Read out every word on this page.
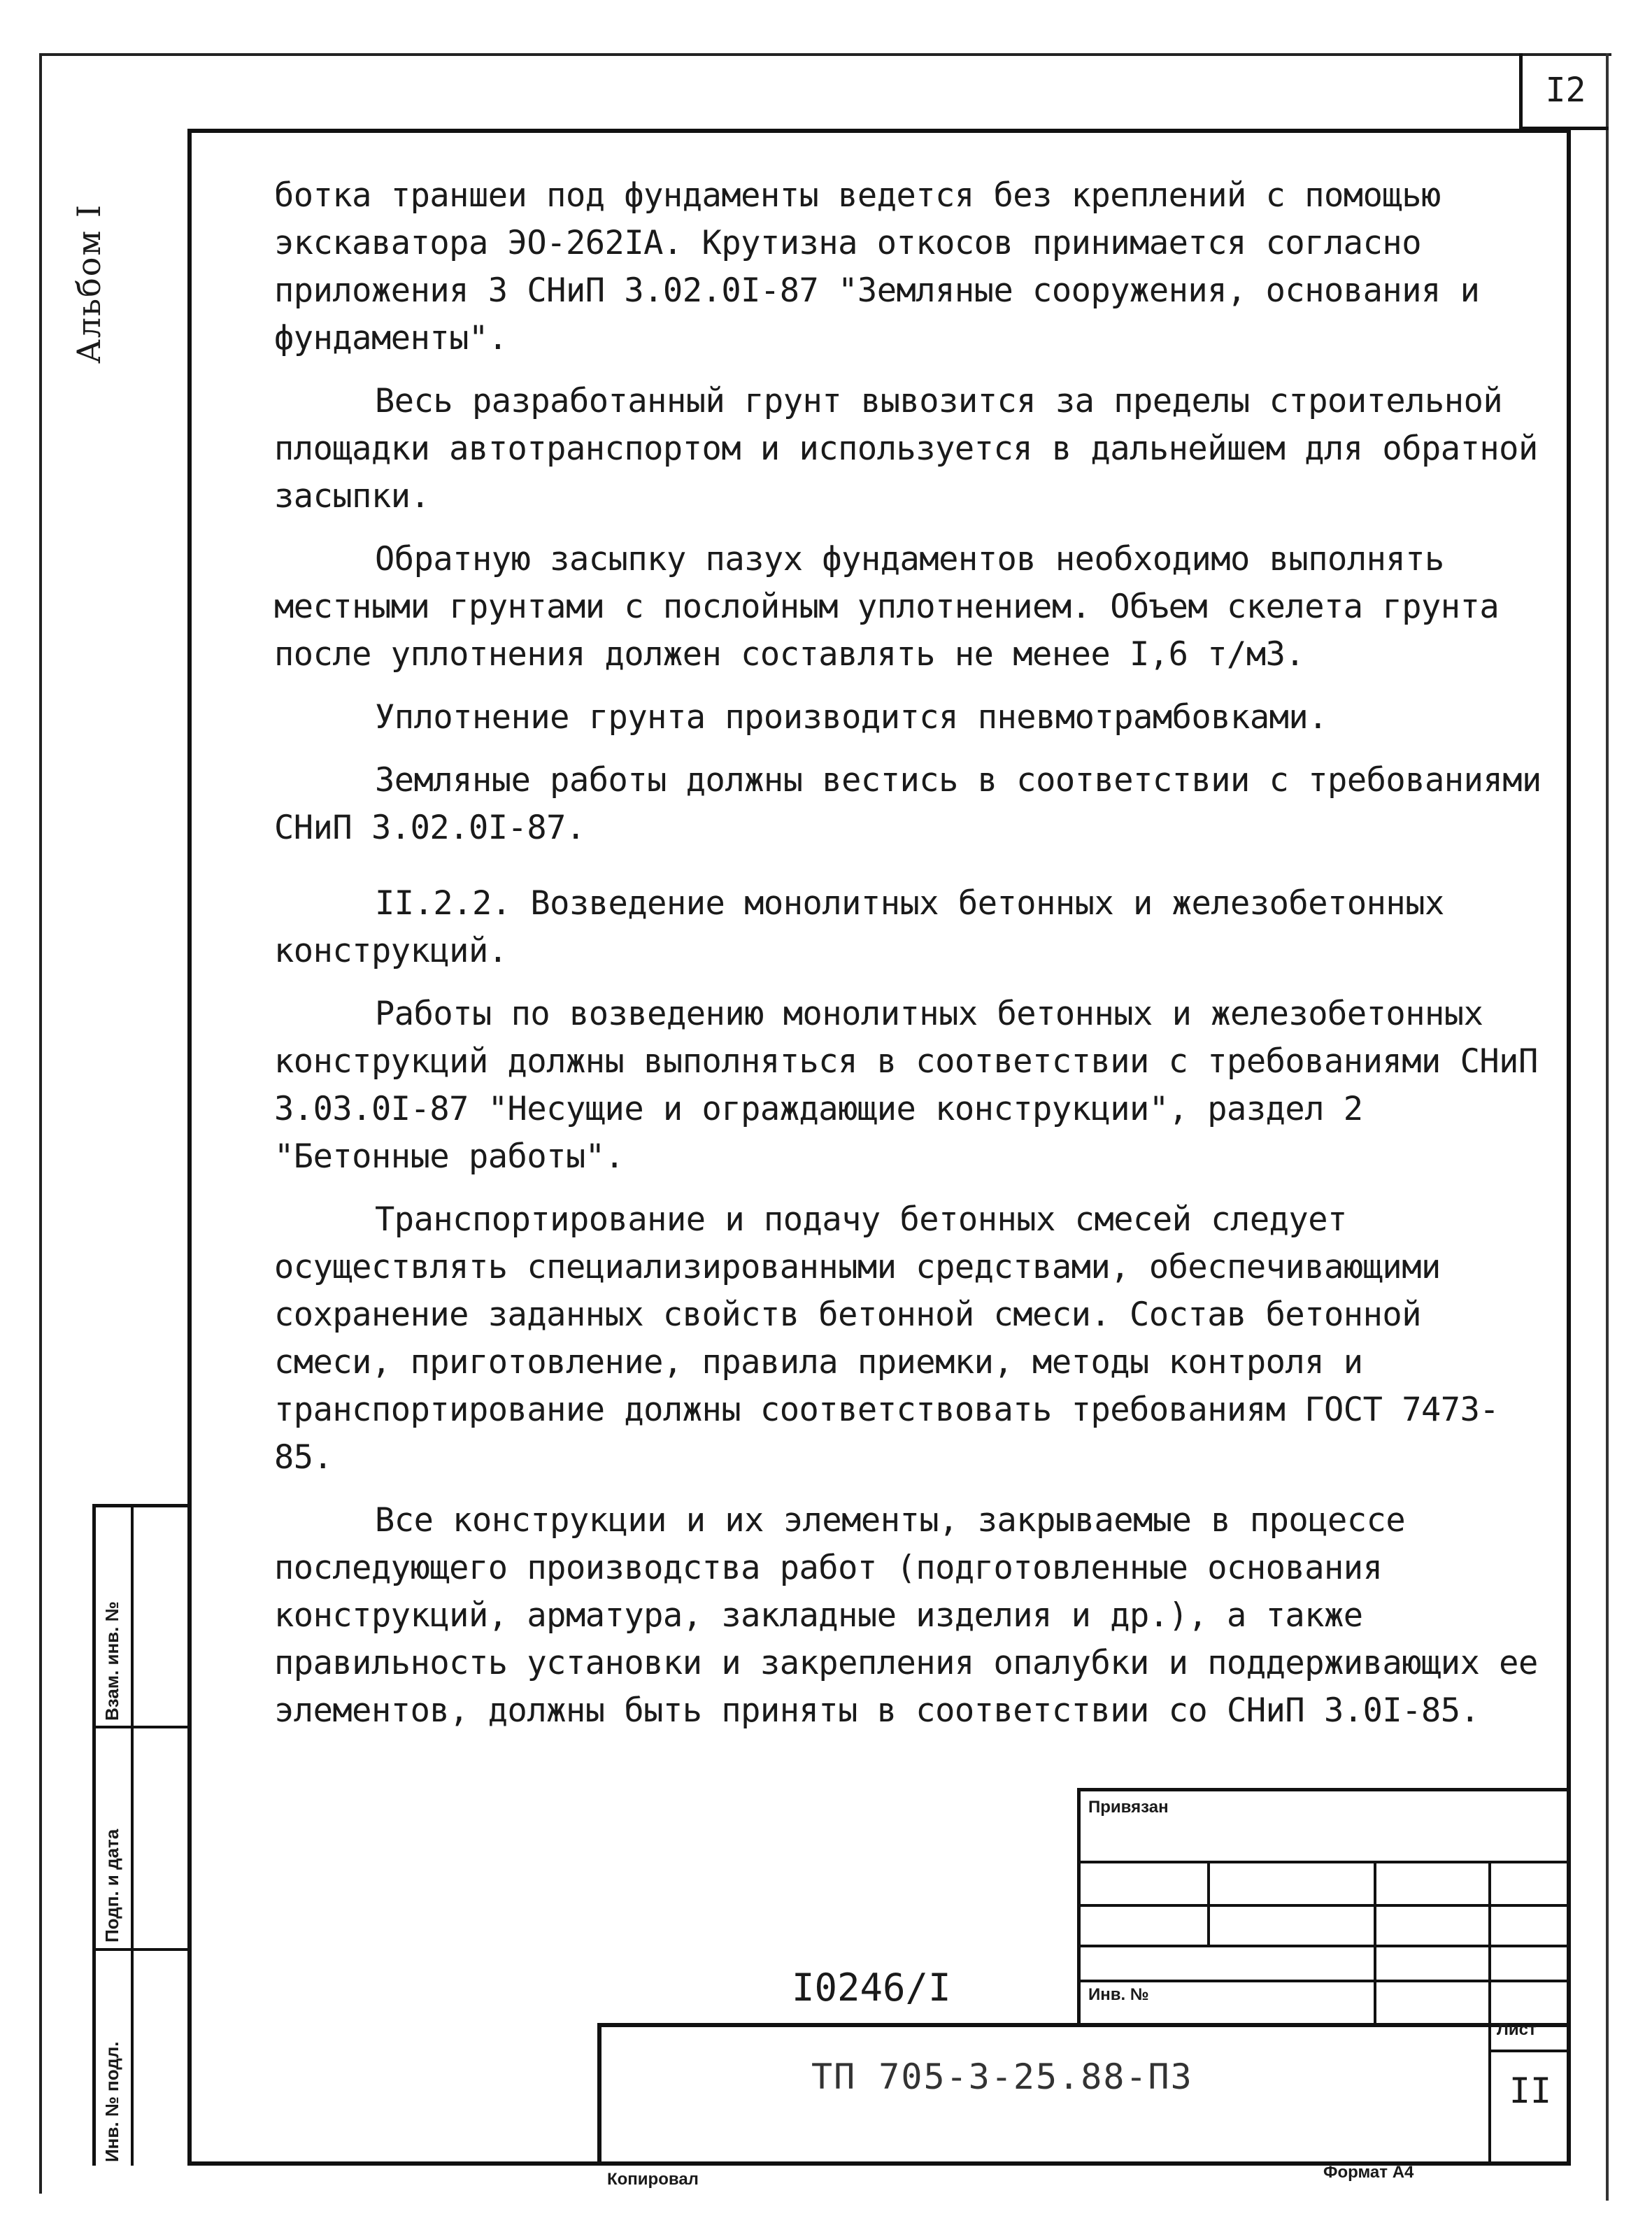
I2
Альбом I

ботка траншеи под фундаменты ведется без креплений с помощью экскаватора ЭО-262IА. Крутизна откосов принимается согласно приложения 3 СНиП 3.02.0I-87 "Земляные сооружения, основания и фундаменты".

Весь разработанный грунт вывозится за пределы строительной площадки автотранспортом и используется в дальнейшем для обратной засыпки.

Обратную засыпку пазух фундаментов необходимо выполнять местными грунтами с послойным уплотнением. Объем скелета грунта после уплотнения должен составлять не менее I,6 т/м3.

Уплотнение грунта производится пневмотрамбовками.

Земляные работы должны вестись в соответствии с требованиями СНиП 3.02.0I-87.

II.2.2. Возведение монолитных бетонных и железобетонных конструкций.

Работы по возведению монолитных бетонных и железобетонных конструкций должны выполняться в соответствии с требованиями СНиП 3.03.0I-87 "Несущие и ограждающие конструкции", раздел 2 "Бетонные работы".

Транспортирование и подачу бетонных смесей следует осуществлять специализированными средствами, обеспечивающими сохранение заданных свойств бетонной смеси. Состав бетонной смеси, приготовление, правила приемки, методы контроля и транспортирование должны соответствовать требованиям ГОСТ 7473-85.

Все конструкции и их элементы, закрываемые в процессе последующего производства работ (подготовленные основания конструкций, арматура, закладные изделия и др.), а также правильность установки и закрепления опалубки и поддерживающих ее элементов, должны быть приняты в соответствии со СНиП 3.0I-85.

Взам. инв. №
Подп. и дата
Инв. № подл.
Привязан
I0246/I	Инв. №
Лист
II
ТП 705-3-25.88-ПЗ
Копировал	Формат А4
